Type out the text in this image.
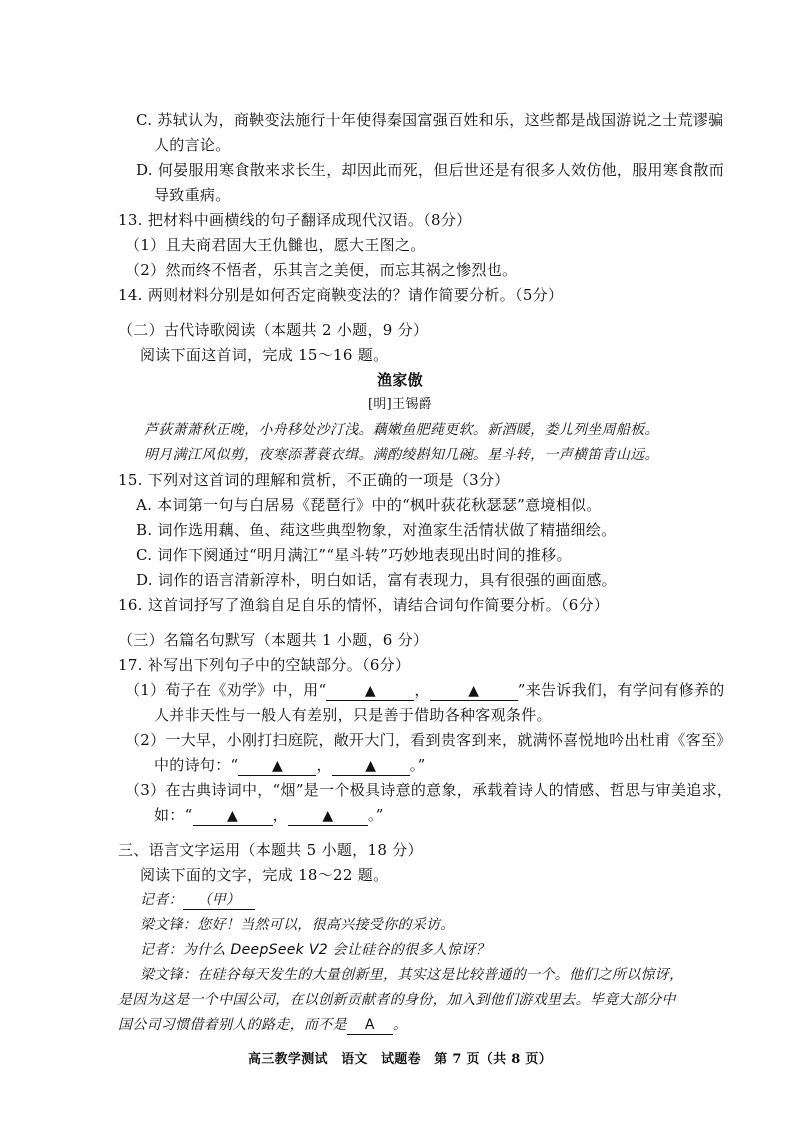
C. 苏轼认为，商鞅变法施行十年使得秦国富强百姓和乐，这些都是战国游说之士荒谬骗
人的言论。
D. 何晏服用寒食散来求长生，却因此而死，但后世还是有很多人效仿他，服用寒食散而
导致重病。
13. 把材料中画横线的句子翻译成现代汉语。（8分）
（1）且夫商君固大王仇雠也，愿大王图之。
（2）然而终不悟者，乐其言之美便，而忘其祸之惨烈也。
14. 两则材料分别是如何否定商鞅变法的？请作简要分析。（5分）
（二）古代诗歌阅读（本题共 2 小题，9 分）
阅读下面这首词，完成 15～16 题。
渔家傲
[明]王锡爵
芦荻萧萧秋正晚，小舟移处沙汀浅。藕嫩鱼肥莼更软。新酒暖，娄儿列坐周船板。
明月满江风似剪，夜寒添著蓑衣缉。满酌绫斟知几碗。星斗转，一声横笛青山远。
15. 下列对这首词的理解和赏析，不正确的一项是（3分）
A. 本词第一句与白居易《琵琶行》中的“枫叶荻花秋瑟瑟”意境相似。
B. 词作选用藕、鱼、莼这些典型物象，对渔家生活情状做了精描细绘。
C. 词作下阕通过“明月满江”“星斗转”巧妙地表现出时间的推移。
D. 词作的语言清新淳朴，明白如话，富有表现力，具有很强的画面感。
16. 这首词抒写了渔翁自足自乐的情怀，请结合词句作简要分析。（6分）
（三）名篇名句默写（本题共 1 小题，6 分）
17. 补写出下列句子中的空缺部分。（6分）
（1）荀子在《劝学》中，用“	▲	，	▲	”来告诉我们，有学问有修养的
人并非天性与一般人有差别，只是善于借助各种客观条件。
（2）一大早，小刚打扫庭院，敞开大门，看到贵客到来，就满怀喜悦地吟出杜甫《客至》
中的诗句：“ ▲ ， ▲ 。”
（3）在古典诗词中，“烟”是一个极具诗意的意象，承载着诗人的情感、哲思与审美追求，
如：“ ▲ ， ▲ 。”
三、语言文字运用（本题共 5 小题，18 分）
阅读下面的文字，完成 18～22 题。
记者： （甲）
梁文锋：您好！当然可以，很高兴接受你的采访。
记者：为什么 DeepSeek V2 会让硅谷的很多人惊讶？
梁文锋：在硅谷每天发生的大量创新里，其实这是比较普通的一个。他们之所以惊讶，
是因为这是一个中国公司，在以创新贡献者的身份，加入到他们游戏里去。毕竟大部分中
国公司习惯借着别人的路走，而不是 A 。
高三教学测试　语文　试题卷　第 7 页（共 8 页）
